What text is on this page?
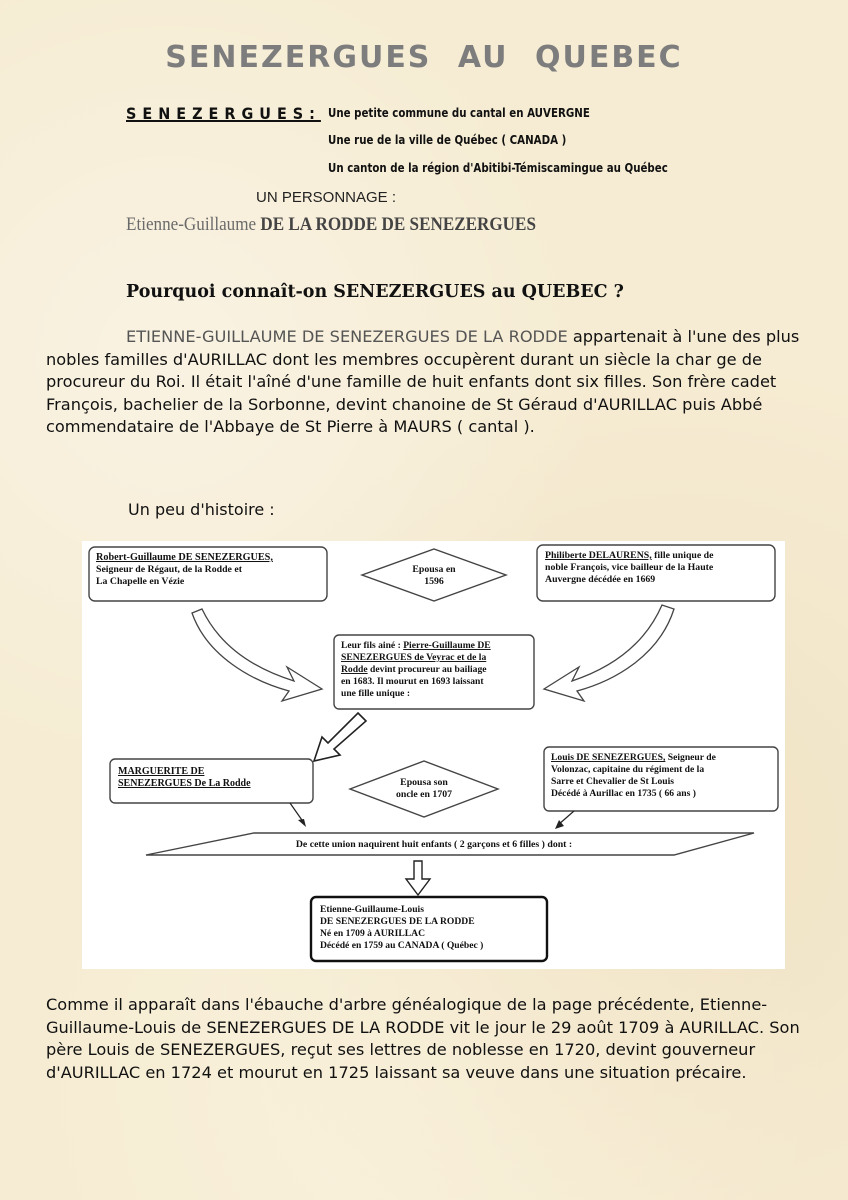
SENEZERGUES AU QUEBEC
SENEZERGUES: Une petite commune du cantal en AUVERGNE
Une rue de la ville de Québec ( CANADA )
Un canton de la région d'Abitibi-Témiscamingue au Québec
UN PERSONNAGE :
Etienne-Guillaume DE LA RODDE DE SENEZERGUES
Pourquoi connaît-on SENEZERGUES au QUEBEC ?
ETIENNE-GUILLAUME DE SENEZERGUES DE LA RODDE appartenait à l'une des plus nobles familles d'AURILLAC dont les membres occupèrent durant un siècle la char ge de procureur du Roi. Il était l'aîné d'une famille de huit enfants dont six filles. Son frère cadet François, bachelier de la Sorbonne, devint chanoine de St Géraud d'AURILLAC puis Abbé commendataire de l'Abbaye de St Pierre à MAURS ( cantal ).
Un peu d'histoire :
Robert-Guillaume DE SENEZERGUES,
Seigneur de Régaut, de la Rodde et
La Chapelle en Vézie
Epousa en
1596
Philiberte DELAURENS, fille unique de
noble François, vice bailleur de la Haute
Auvergne décédée en 1669
Leur fils ainé : Pierre-Guillaume DE
SENEZERGUES de Veyrac et de la
Rodde devint procureur au bailiage
en 1683. Il mourut en 1693 laissant
une fille unique :
MARGUERITE DE
SENEZERGUES De La Rodde	Epousa son
oncle en 1707
Louis DE SENEZERGUES, Seigneur de
Volonzac, capitaine du régiment de la
Sarre et Chevalier de St Louis
Décédé à Aurillac en 1735 ( 66 ans )
De cette union naquirent huit enfants ( 2 garçons et 6 filles ) dont :
Etienne-Guillaume-Louis
DE SENEZERGUES DE LA RODDE
Né en 1709 à AURILLAC
Décédé en 1759 au CANADA ( Québec )
Comme il apparaît dans l'ébauche d'arbre généalogique de la page précédente, Etienne-Guillaume-Louis de SENEZERGUES DE LA RODDE vit le jour le 29 août 1709 à AURILLAC. Son père Louis de SENEZERGUES, reçut ses lettres de noblesse en 1720, devint gouverneur d'AURILLAC en 1724 et mourut en 1725 laissant sa veuve dans une situation précaire.
